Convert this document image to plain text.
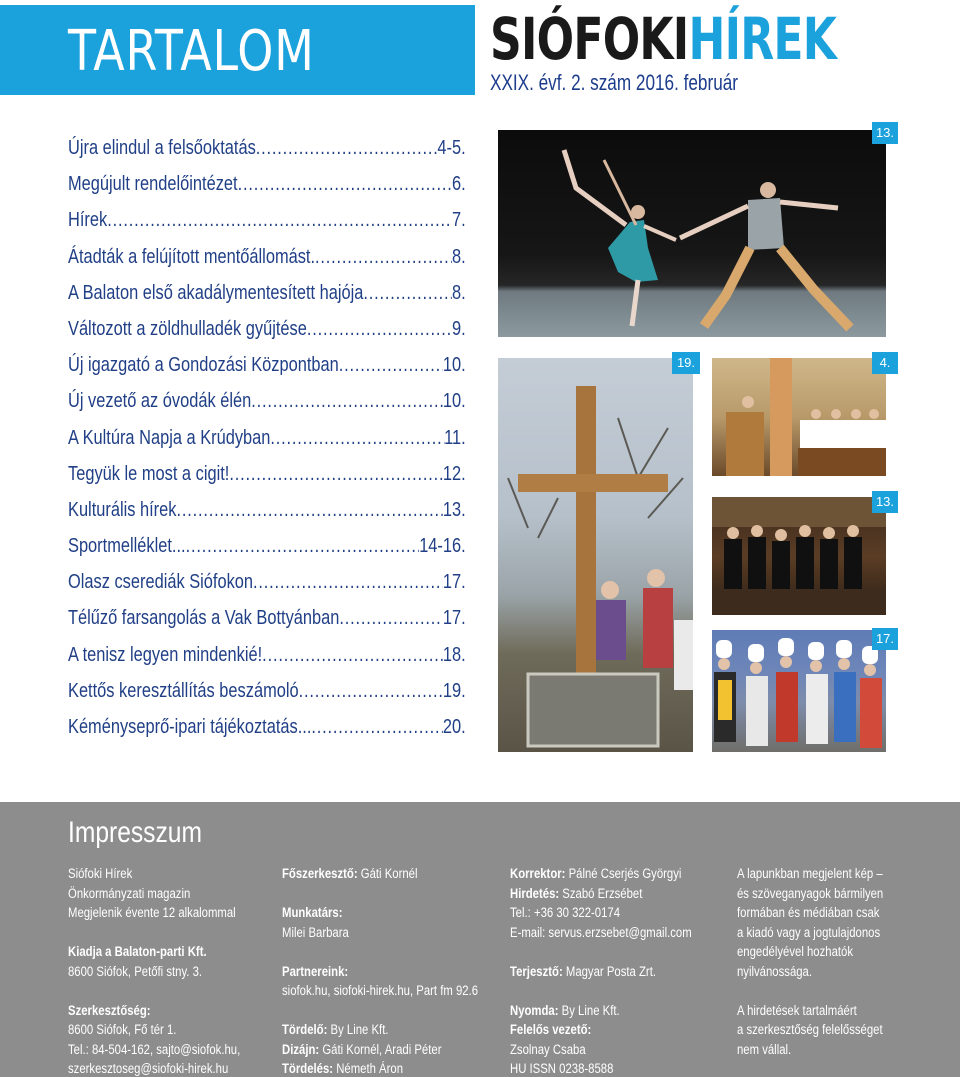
TARTALOM	SIÓFOKI HÍREK
XXIX. évf. 2. szám 2016. február
Újra elindul a felsőoktatás .....	4-5.
Megújult rendelőintézet .....	6.
Hírek .....	7.
Átadták a felújított mentőállomást. .....	8.
A Balaton első akadálymentesített hajója .....	8.
Változott a zöldhulladék gyűjtése .....	9.
Új igazgató a Gondozási Központban .....	10.
Új vezető az óvodák élén .....	10.
A Kultúra Napja a Krúdyban .....	11.
Tegyük le most a cigit! .....	12.
Kulturális hírek .....	13.
Sportmelléklet... .....	14-16.
Olasz cserediák Siófokon .....	17.
Télűző farsangolás a Vak Bottyánban .....	17.
A tenisz legyen mindenkié! .....	18.
Kettős keresztállítás beszámoló .....	19.
Kéményseprő-ipari tájékoztatás... .....	20.
13.
19.	4.
13.
17.
Impresszum
Siófoki Hírek
Önkormányzati magazin
Megjelenik évente 12 alkalommal
Kiadja a Balaton-parti Kft.
8600 Siófok, Petőfi stny. 3.
Szerkesztőség:
8600 Siófok, Fő tér 1.
Tel.: 84-504-162, sajto@siofok.hu,
szerkesztoseg@siofoki-hirek.hu
Főszerkesztő: Gáti Kornél
Munkatárs:
Milei Barbara
Partnereink:
siofok.hu, siofoki-hirek.hu, Part fm 92.6
Tördelő: By Line Kft.
Dizájn: Gáti Kornél, Aradi Péter
Tördelés: Németh Áron
Korrektor: Pálné Cserjés Györgyi
Hirdetés: Szabó Erzsébet
Tel.: +36 30 322-0174
E-mail: servus.erzsebet@gmail.com
Terjesztő: Magyar Posta Zrt.
Nyomda: By Line Kft.
Felelős vezető:
Zsolnay Csaba
HU ISSN 0238-8588
A lapunkban megjelent kép –
és szöveganyagok bármilyen
formában és médiában csak
a kiadó vagy a jogtulajdonos
engedélyével hozhatók
nyilvánossága.
A hirdetések tartalmáért
a szerkesztőség felelősséget
nem vállal.
